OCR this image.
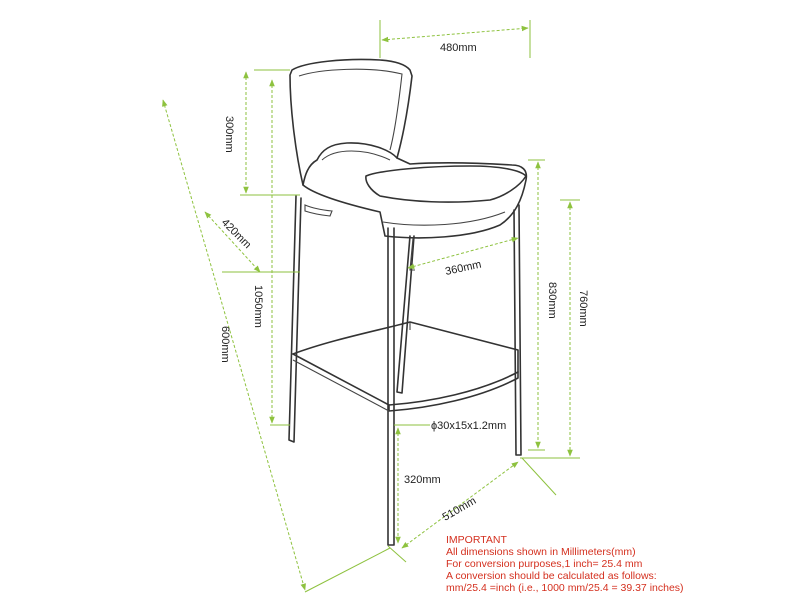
480mm
300mm
420mm
1050mm
600mm
360mm
830mm 760mm
ϕ30x15x1.2mm
320mm
510mm
IMPORTANT
All dimensions shown in Millimeters(mm)
For conversion purposes,1 inch= 25.4 mm
A conversion should be calculated as follows:
mm/25.4 =inch (i.e., 1000 mm/25.4 = 39.37 inches)
